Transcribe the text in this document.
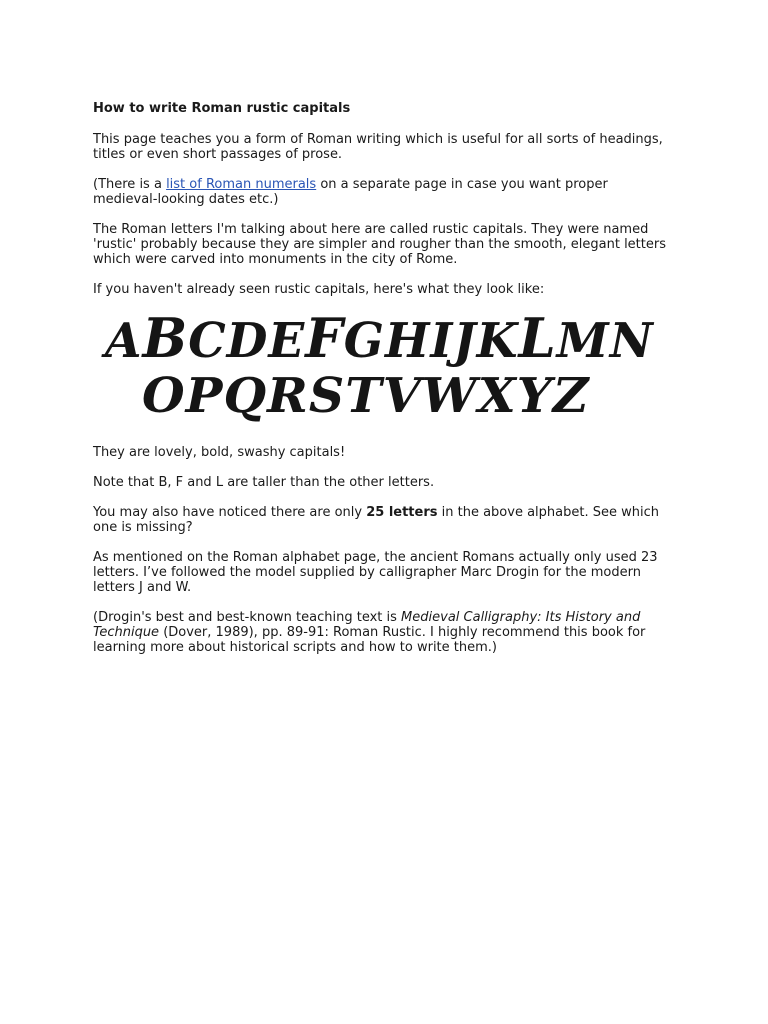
How to write Roman rustic capitals

This page teaches you a form of Roman writing which is useful for all sorts of headings, titles or even short passages of prose.

(There is a list of Roman numerals on a separate page in case you want proper medieval-looking dates etc.)

The Roman letters I'm talking about here are called rustic capitals. They were named 'rustic' probably because they are simpler and rougher than the smooth, elegant letters which were carved into monuments in the city of Rome.

If you haven't already seen rustic capitals, here's what they look like:

ABCDEFGHIJKLMN
OPQRSTVWXYZ

They are lovely, bold, swashy capitals!

Note that B, F and L are taller than the other letters.

You may also have noticed there are only 25 letters in the above alphabet. See which one is missing?

As mentioned on the Roman alphabet page, the ancient Romans actually only used 23 letters. I’ve followed the model supplied by calligrapher Marc Drogin for the modern letters J and W.

(Drogin's best and best-known teaching text is Medieval Calligraphy: Its History and Technique (Dover, 1989), pp. 89-91: Roman Rustic. I highly recommend this book for learning more about historical scripts and how to write them.)
